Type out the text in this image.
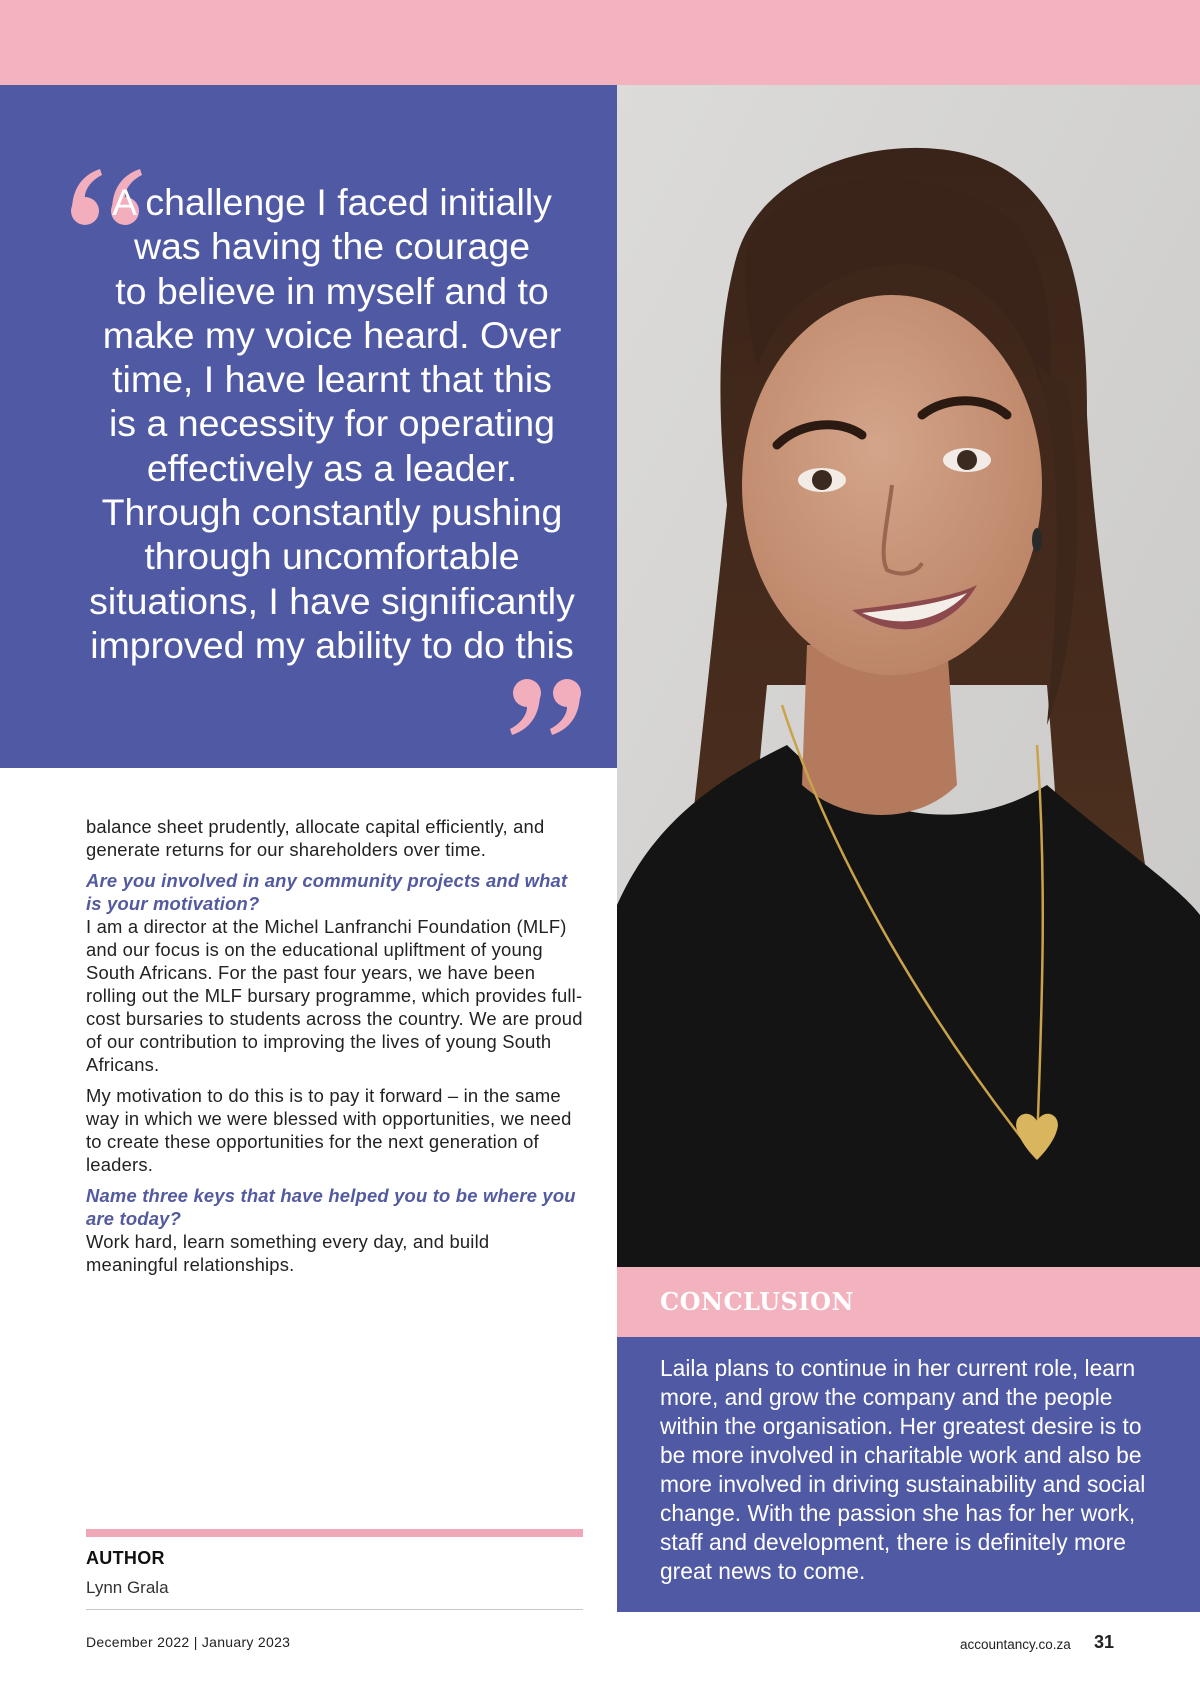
A challenge I faced initially
was having the courage
to believe in myself and to
make my voice heard. Over
time, I have learnt that this
is a necessity for operating
effectively as a leader.
Through constantly pushing
through uncomfortable
situations, I have significantly
improved my ability to do this

balance sheet prudently, allocate capital efficiently, and generate returns for our shareholders over time.

Are you involved in any community projects and what is your motivation?

I am a director at the Michel Lanfranchi Foundation (MLF) and our focus is on the educational upliftment of young South Africans. For the past four years, we have been rolling out the MLF bursary programme, which provides full-cost bursaries to students across the country. We are proud of our contribution to improving the lives of young South Africans.

My motivation to do this is to pay it forward – in the same way in which we were blessed with opportunities, we need to create these opportunities for the next generation of leaders.

Name three keys that have helped you to be where you are today?

Work hard, learn something every day, and build meaningful relationships.

AUTHOR
Lynn Grala
CONCLUSION

Laila plans to continue in her current role, learn more, and grow the company and the people within the organisation. Her greatest desire is to be more involved in charitable work and also be more involved in driving sustainability and social change. With the passion she has for her work, staff and development, there is definitely more great news to come.

December 2022 | January 2023	accountancy.co.za 31
